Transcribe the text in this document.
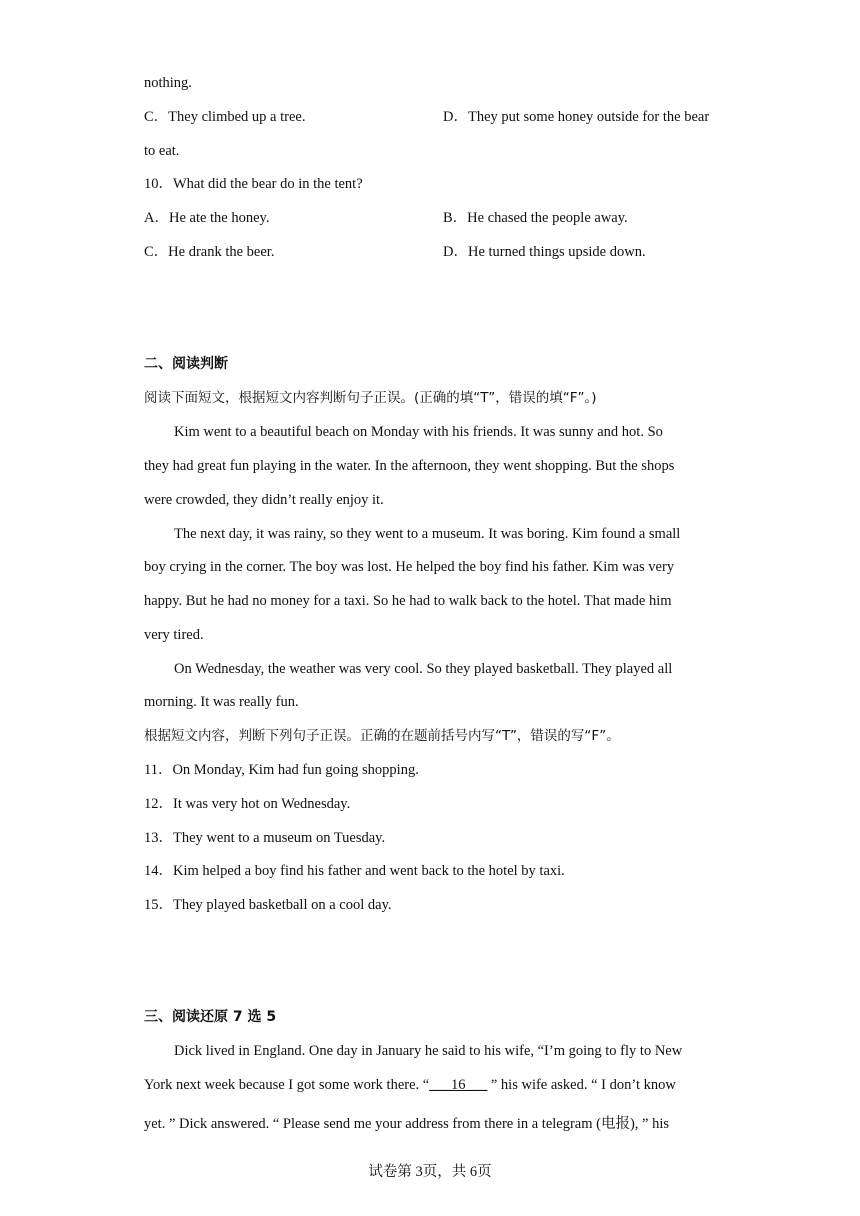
nothing.
C．They climbed up a tree.	D．They put some honey outside for the bear
to eat.
10．What did the bear do in the tent?
A．He ate the honey.	B．He chased the people away.
C．He drank the beer.	D．He turned things upside down.
二、阅读判断
阅读下面短文，根据短文内容判断句子正误。(正确的填“T”，错误的填“F”。)
Kim went to a beautiful beach on Monday with his friends. It was sunny and hot. So
they had great fun playing in the water. In the afternoon, they went shopping. But the shops
were crowded, they didn’t really enjoy it.
The next day, it was rainy, so they went to a museum. It was boring. Kim found a small
boy crying in the corner. The boy was lost. He helped the boy find his father. Kim was very
happy. But he had no money for a taxi. So he had to walk back to the hotel. That made him
very tired.
On Wednesday, the weather was very cool. So they played basketball. They played all
morning. It was really fun.
根据短文内容，判断下列句子正误。正确的在题前括号内写“T”，错误的写“F”。
11．On Monday, Kim had fun going shopping.
12．It was very hot on Wednesday.
13．They went to a museum on Tuesday.
14．Kim helped a boy find his father and went back to the hotel by taxi.
15．They played basketball on a cool day.
三、阅读还原 7 选 5
Dick lived in England. One day in January he said to his wife, “I’m going to fly to New
York next week because I got some work there. “___16___ ” his wife asked. “ I don’t know
yet. ” Dick answered. “ Please send me your address from there in a telegram (电报), ” his
试卷第 3页，共 6页
